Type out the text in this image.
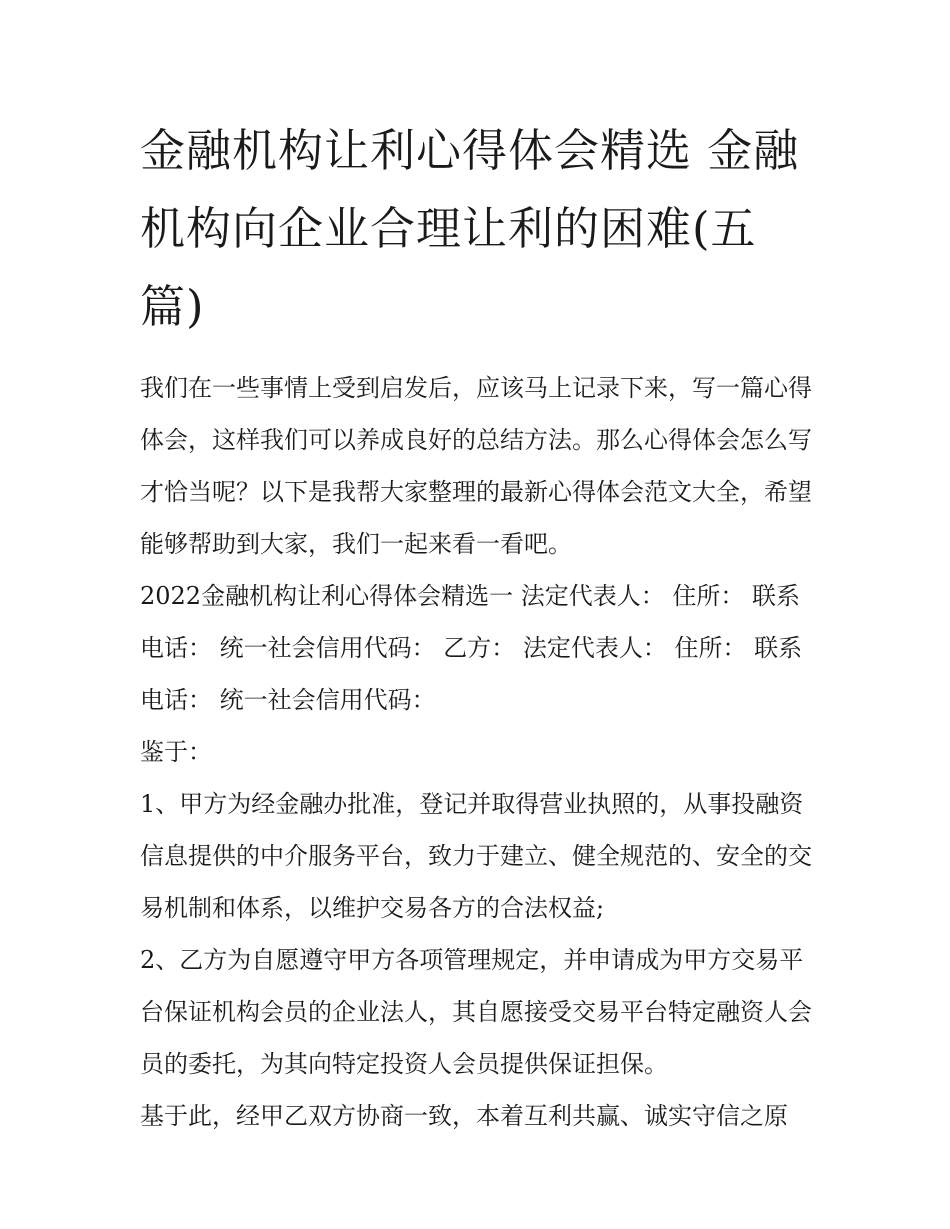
金融机构让利心得体会精选 金融机构向企业合理让利的困难(五篇)

我们在一些事情上受到启发后，应该马上记录下来，写一篇心得体会，这样我们可以养成良好的总结方法。那么心得体会怎么写才恰当呢？以下是我帮大家整理的最新心得体会范文大全，希望能够帮助到大家，我们一起来看一看吧。

2022金融机构让利心得体会精选一 法定代表人： 住所： 联系电话： 统一社会信用代码： 乙方： 法定代表人： 住所： 联系电话： 统一社会信用代码：

鉴于：

1、甲方为经金融办批准，登记并取得营业执照的，从事投融资信息提供的中介服务平台，致力于建立、健全规范的、安全的交易机制和体系，以维护交易各方的合法权益;

2、乙方为自愿遵守甲方各项管理规定，并申请成为甲方交易平台保证机构会员的企业法人，其自愿接受交易平台特定融资人会员的委托，为其向特定投资人会员提供保证担保。

基于此，经甲乙双方协商一致，本着互利共赢、诚实守信之原
